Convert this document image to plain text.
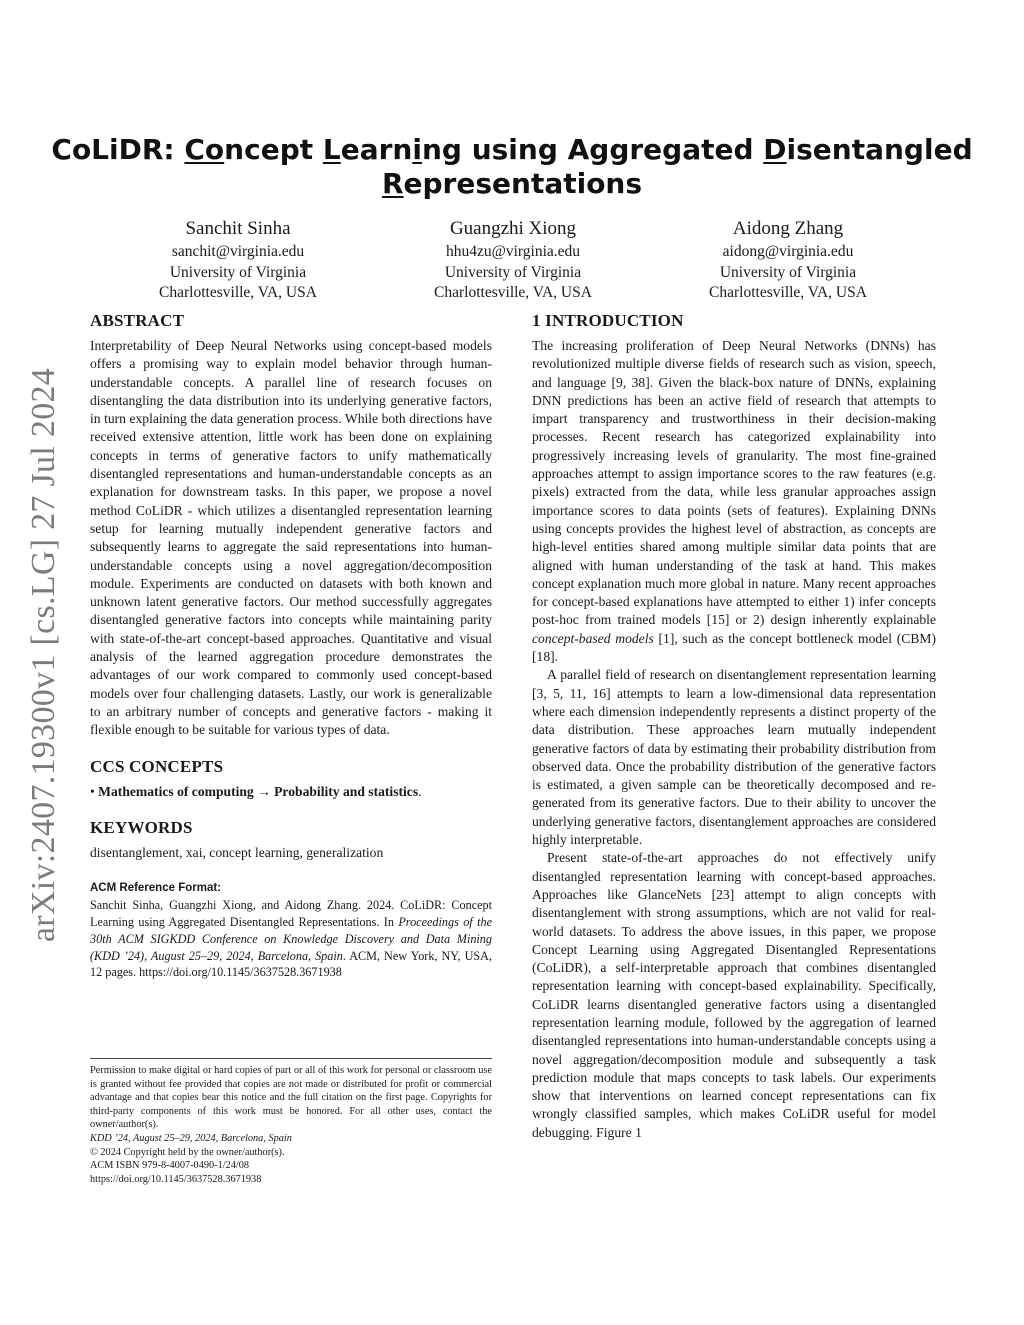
arXiv:2407.19300v1 [cs.LG] 27 Jul 2024
CoLiDR: Concept Learning using Aggregated Disentangled
Representations
Sanchit Sinha
sanchit@virginia.edu
University of Virginia
Charlottesville, VA, USA
Guangzhi Xiong
hhu4zu@virginia.edu
University of Virginia
Charlottesville, VA, USA
Aidong Zhang
aidong@virginia.edu
University of Virginia
Charlottesville, VA, USA
ABSTRACT

Interpretability of Deep Neural Networks using concept-based models offers a promising way to explain model behavior through human-understandable concepts. A parallel line of research focuses on disentangling the data distribution into its underlying generative factors, in turn explaining the data generation process. While both directions have received extensive attention, little work has been done on explaining concepts in terms of generative factors to unify mathematically disentangled representations and human-understandable concepts as an explanation for downstream tasks. In this paper, we propose a novel method CoLiDR - which utilizes a disentangled representation learning setup for learning mutually independent generative factors and subsequently learns to aggregate the said representations into human-understandable concepts using a novel aggregation/decomposition module. Experiments are conducted on datasets with both known and unknown latent generative factors. Our method successfully aggregates disentangled generative factors into concepts while maintaining parity with state-of-the-art concept-based approaches. Quantitative and visual analysis of the learned aggregation procedure demonstrates the advantages of our work compared to commonly used concept-based models over four challenging datasets. Lastly, our work is generalizable to an arbitrary number of concepts and generative factors - making it flexible enough to be suitable for various types of data.

CCS CONCEPTS
• Mathematics of computing → Probability and statistics.
KEYWORDS

disentanglement, xai, concept learning, generalization

ACM Reference Format:

Sanchit Sinha, Guangzhi Xiong, and Aidong Zhang. 2024. CoLiDR: Concept Learning using Aggregated Disentangled Representations. In Proceedings of the 30th ACM SIGKDD Conference on Knowledge Discovery and Data Mining (KDD ’24), August 25–29, 2024, Barcelona, Spain. ACM, New York, NY, USA, 12 pages. https://doi.org/10.1145/3637528.3671938

Permission to make digital or hard copies of part or all of this work for personal or classroom use is granted without fee provided that copies are not made or distributed for profit or commercial advantage and that copies bear this notice and the full citation on the first page. Copyrights for third-party components of this work must be honored. For all other uses, contact the owner/author(s).

KDD ’24, August 25–29, 2024, Barcelona, Spain
© 2024 Copyright held by the owner/author(s).
ACM ISBN 979-8-4007-0490-1/24/08
https://doi.org/10.1145/3637528.3671938
1 INTRODUCTION

The increasing proliferation of Deep Neural Networks (DNNs) has revolutionized multiple diverse fields of research such as vision, speech, and language [9, 38]. Given the black-box nature of DNNs, explaining DNN predictions has been an active field of research that attempts to impart transparency and trustworthiness in their decision-making processes. Recent research has categorized explainability into progressively increasing levels of granularity. The most fine-grained approaches attempt to assign importance scores to the raw features (e.g. pixels) extracted from the data, while less granular approaches assign importance scores to data points (sets of features). Explaining DNNs using concepts provides the highest level of abstraction, as concepts are high-level entities shared among multiple similar data points that are aligned with human understanding of the task at hand. This makes concept explanation much more global in nature. Many recent approaches for concept-based explanations have attempted to either 1) infer concepts post-hoc from trained models [15] or 2) design inherently explainable concept-based models [1], such as the concept bottleneck model (CBM) [18].

A parallel field of research on disentanglement representation learning [3, 5, 11, 16] attempts to learn a low-dimensional data representation where each dimension independently represents a distinct property of the data distribution. These approaches learn mutually independent generative factors of data by estimating their probability distribution from observed data. Once the probability distribution of the generative factors is estimated, a given sample can be theoretically decomposed and re-generated from its generative factors. Due to their ability to uncover the underlying generative factors, disentanglement approaches are considered highly interpretable.

Present state-of-the-art approaches do not effectively unify disentangled representation learning with concept-based approaches. Approaches like GlanceNets [23] attempt to align concepts with disentanglement with strong assumptions, which are not valid for real-world datasets. To address the above issues, in this paper, we propose Concept Learning using Aggregated Disentangled Representations (CoLiDR), a self-interpretable approach that combines disentangled representation learning with concept-based explainability. Specifically, CoLiDR learns disentangled generative factors using a disentangled representation learning module, followed by the aggregation of learned disentangled representations into human-understandable concepts using a novel aggregation/decomposition module and subsequently a task prediction module that maps concepts to task labels. Our experiments show that interventions on learned concept representations can fix wrongly classified samples, which makes CoLiDR useful for model debugging. Figure 1
